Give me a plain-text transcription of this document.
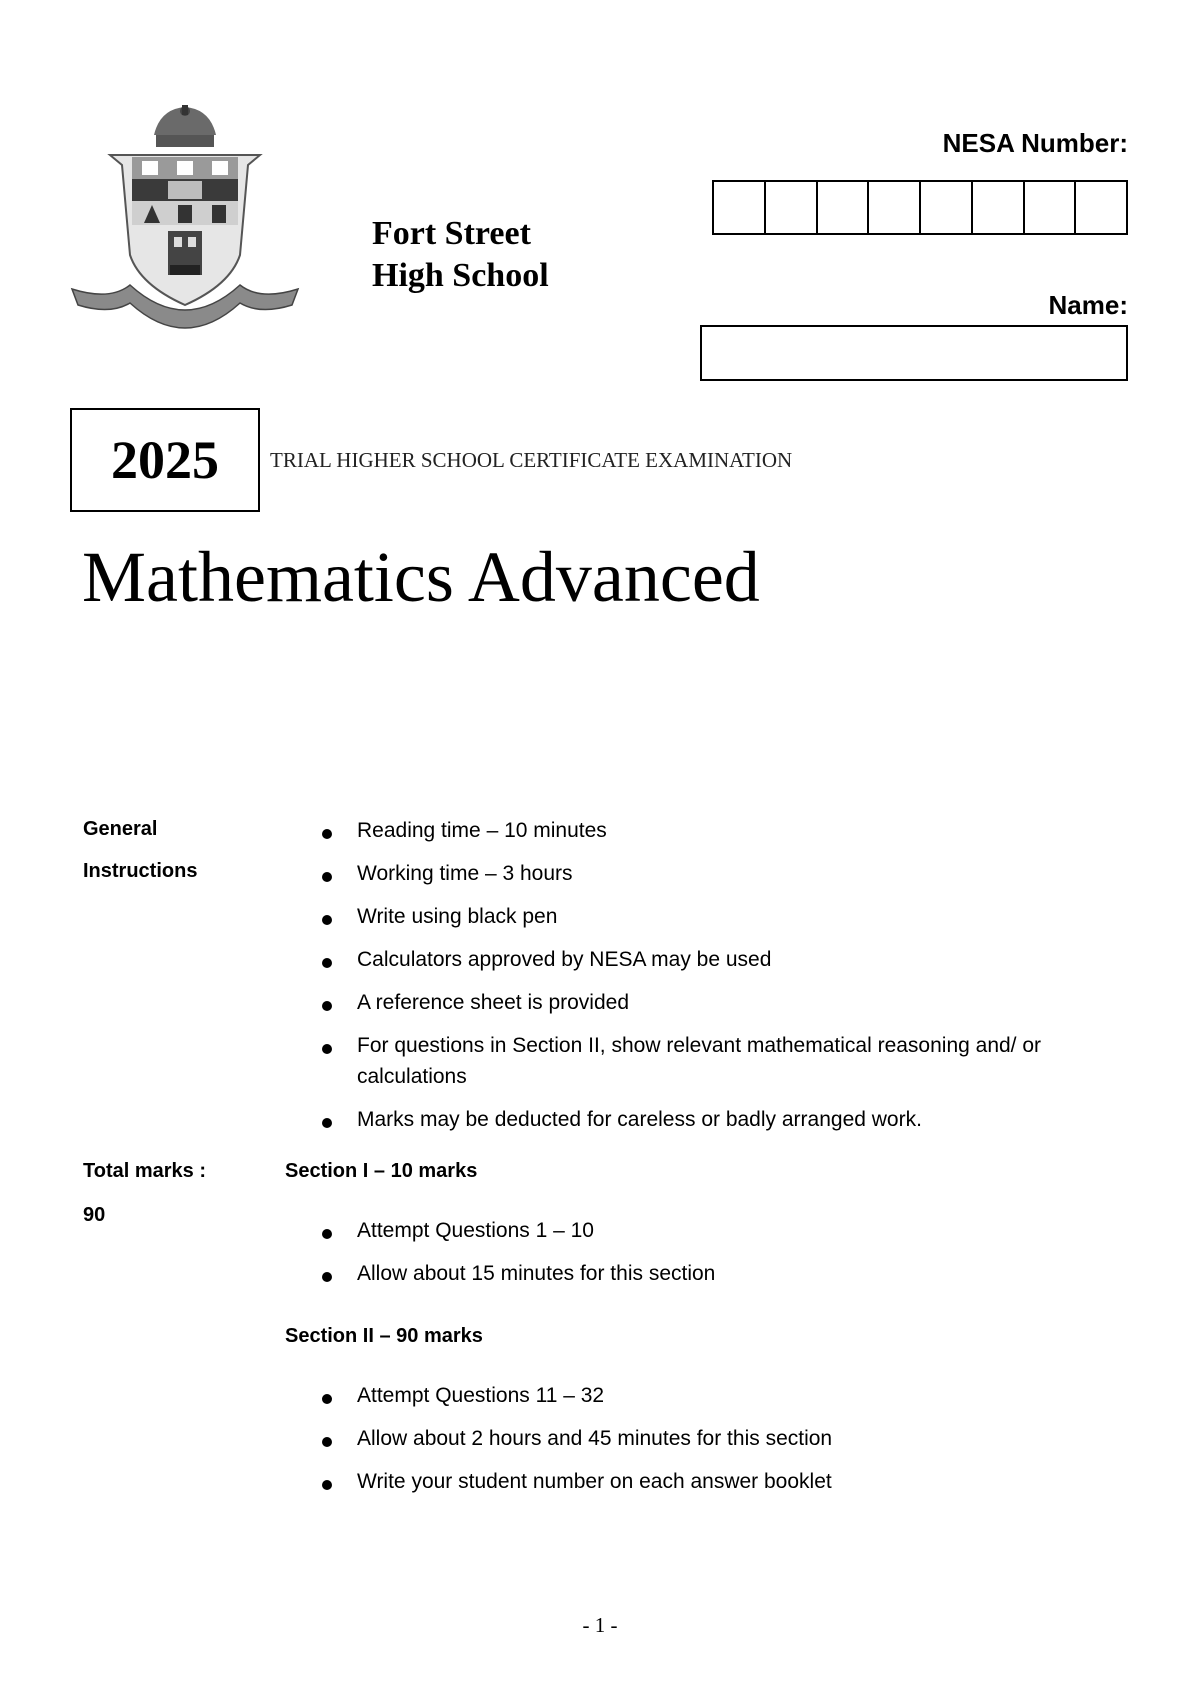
Fort Street
High School
NESA Number:
Name:
2025	TRIAL HIGHER SCHOOL CERTIFICATE EXAMINATION
Mathematics Advanced
General
Instructions
Reading time – 10 minutes
Working time – 3 hours
Write using black pen
Calculators approved by NESA may be used
A reference sheet is provided
For questions in Section II, show relevant mathematical reasoning and/ or
calculations
Marks may be deducted for careless or badly arranged work.
Total marks :
90
Section I – 10 marks
Attempt Questions 1 – 10
Allow about 15 minutes for this section
Section II – 90 marks
Attempt Questions 11 – 32
Allow about 2 hours and 45 minutes for this section
Write your student number on each answer booklet
- 1 -
